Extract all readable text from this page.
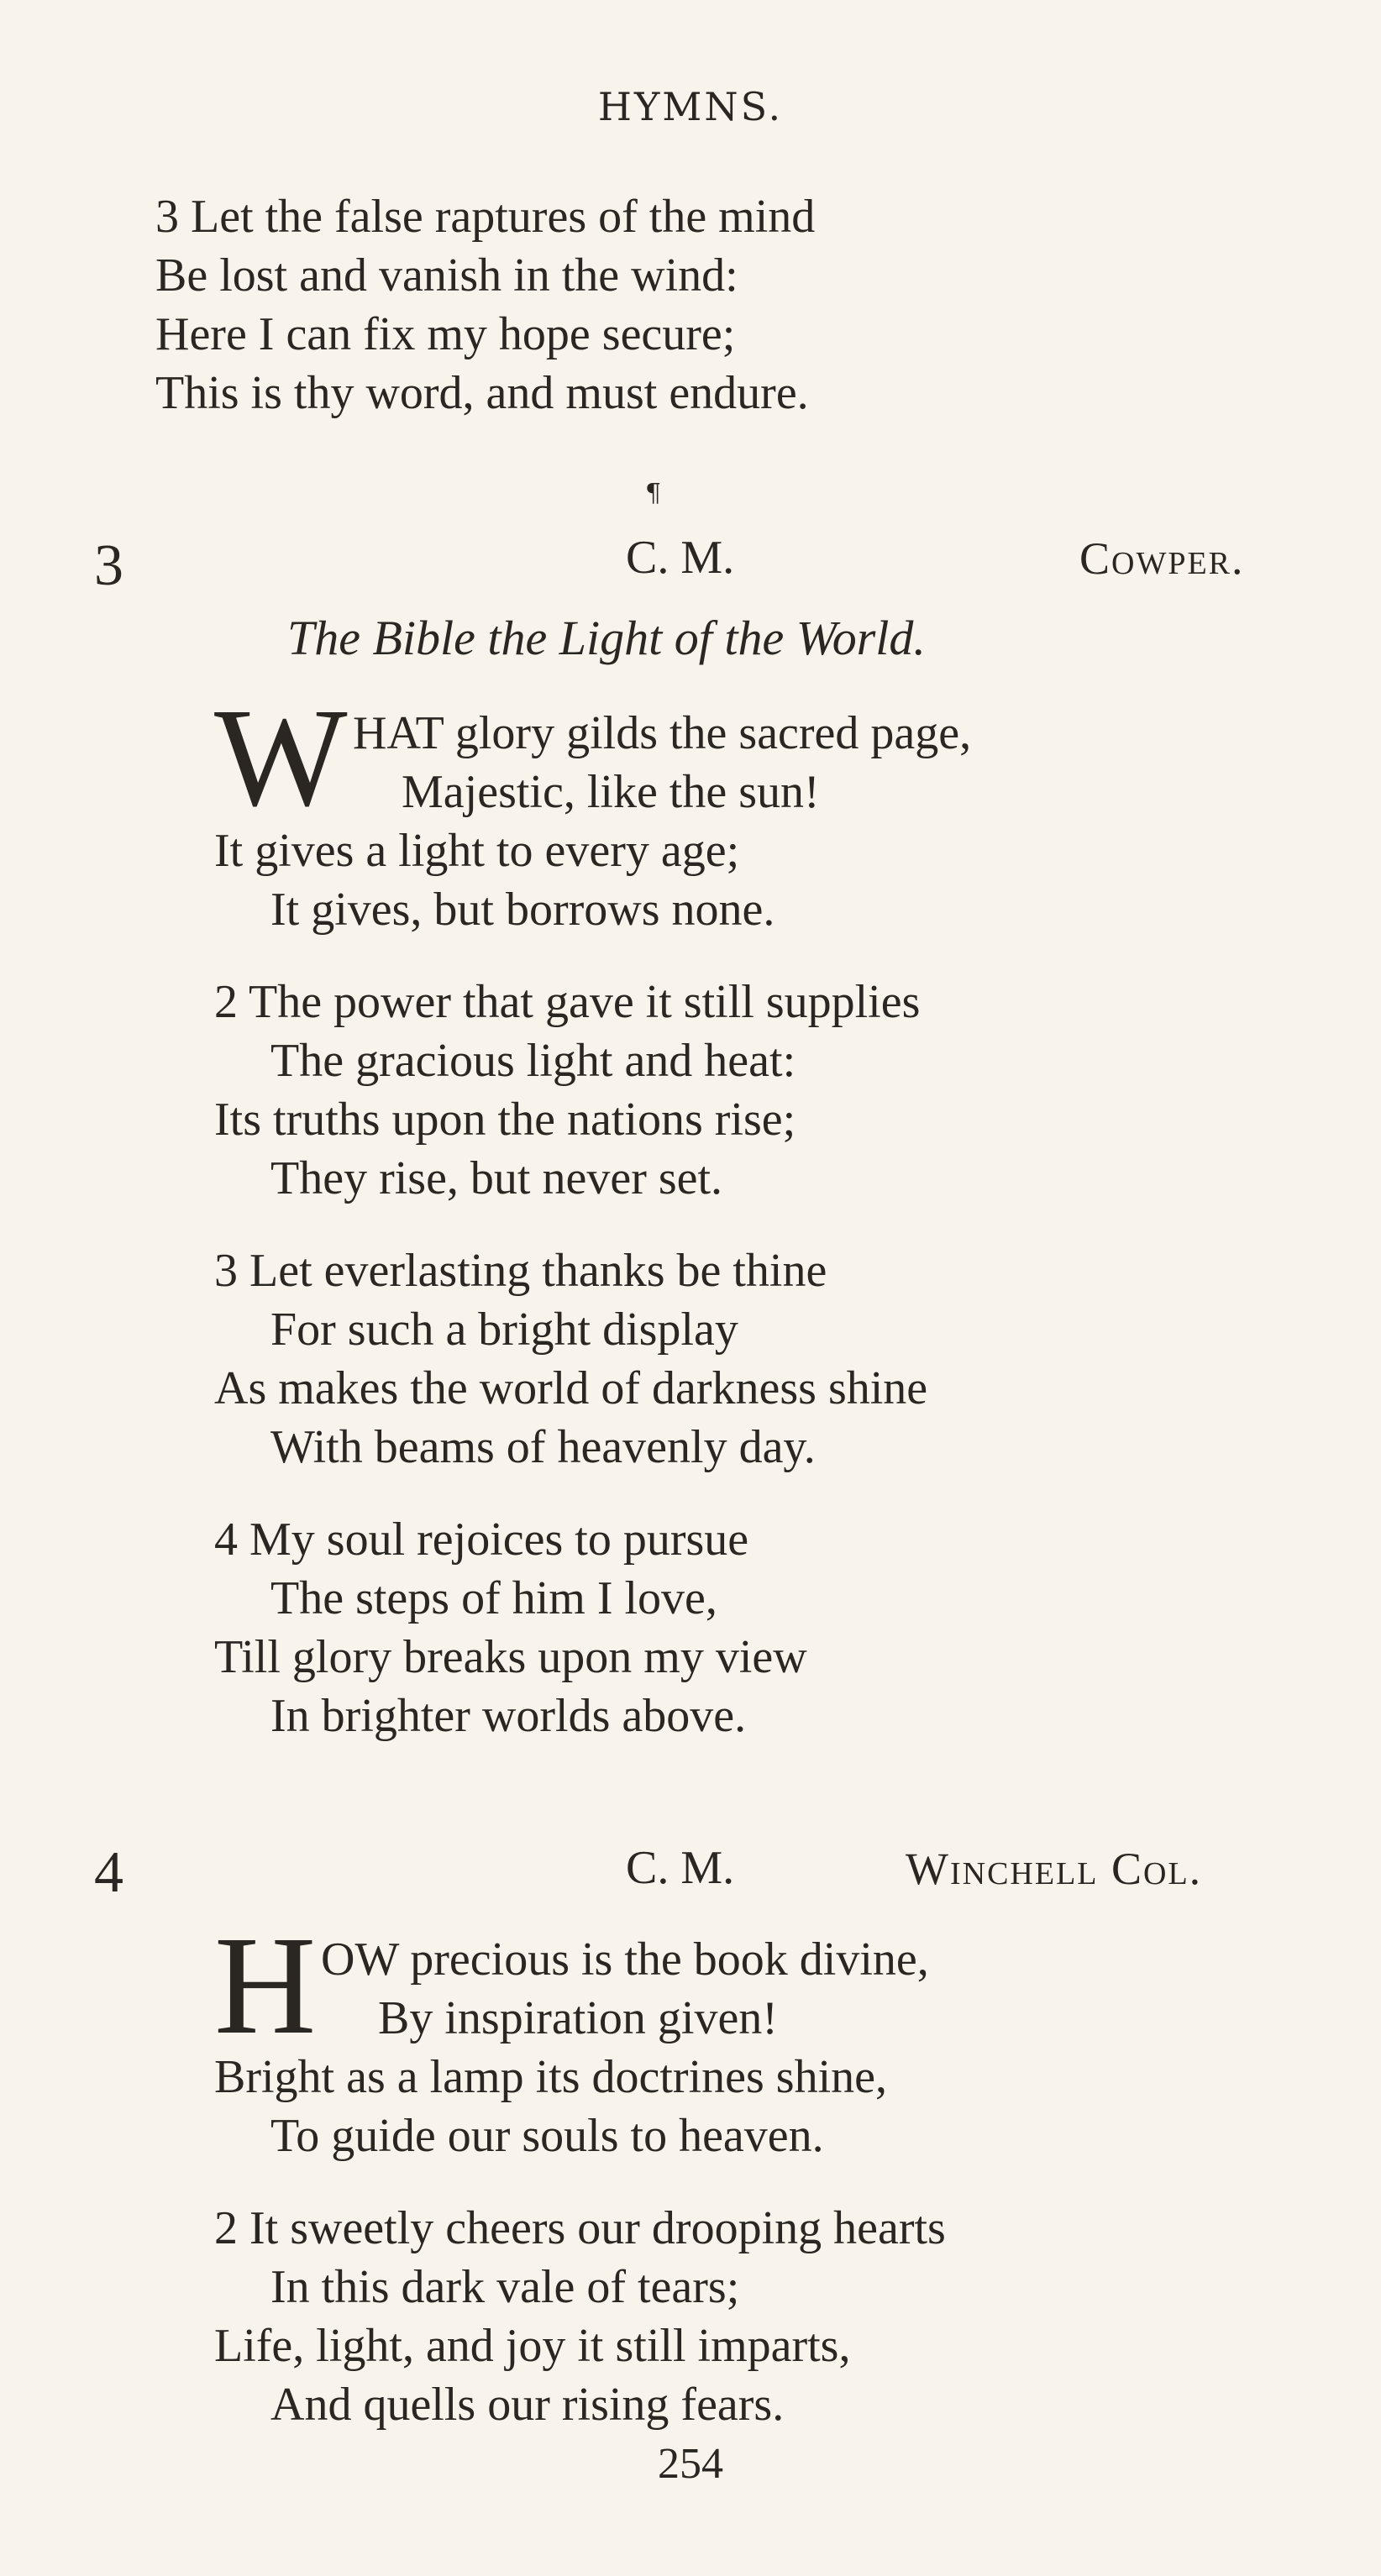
HYMNS.
3 Let the false raptures of the mind
Be lost and vanish in the wind:
Here I can fix my hope secure;
This is thy word, and must endure.
¶
3	C. M.	Cowper.
The Bible the Light of the World.
W HAT glory gilds the sacred page,
Majestic, like the sun!
It gives a light to every age;
It gives, but borrows none.
2 The power that gave it still supplies
The gracious light and heat:
Its truths upon the nations rise;
They rise, but never set.
3 Let everlasting thanks be thine
For such a bright display
As makes the world of darkness shine
With beams of heavenly day.
4 My soul rejoices to pursue
The steps of him I love,
Till glory breaks upon my view
In brighter worlds above.
4	C. M.	Winchell Col.
H OW precious is the book divine,
By inspiration given!
Bright as a lamp its doctrines shine,
To guide our souls to heaven.
2 It sweetly cheers our drooping hearts
In this dark vale of tears;
Life, light, and joy it still imparts,
And quells our rising fears.
254
